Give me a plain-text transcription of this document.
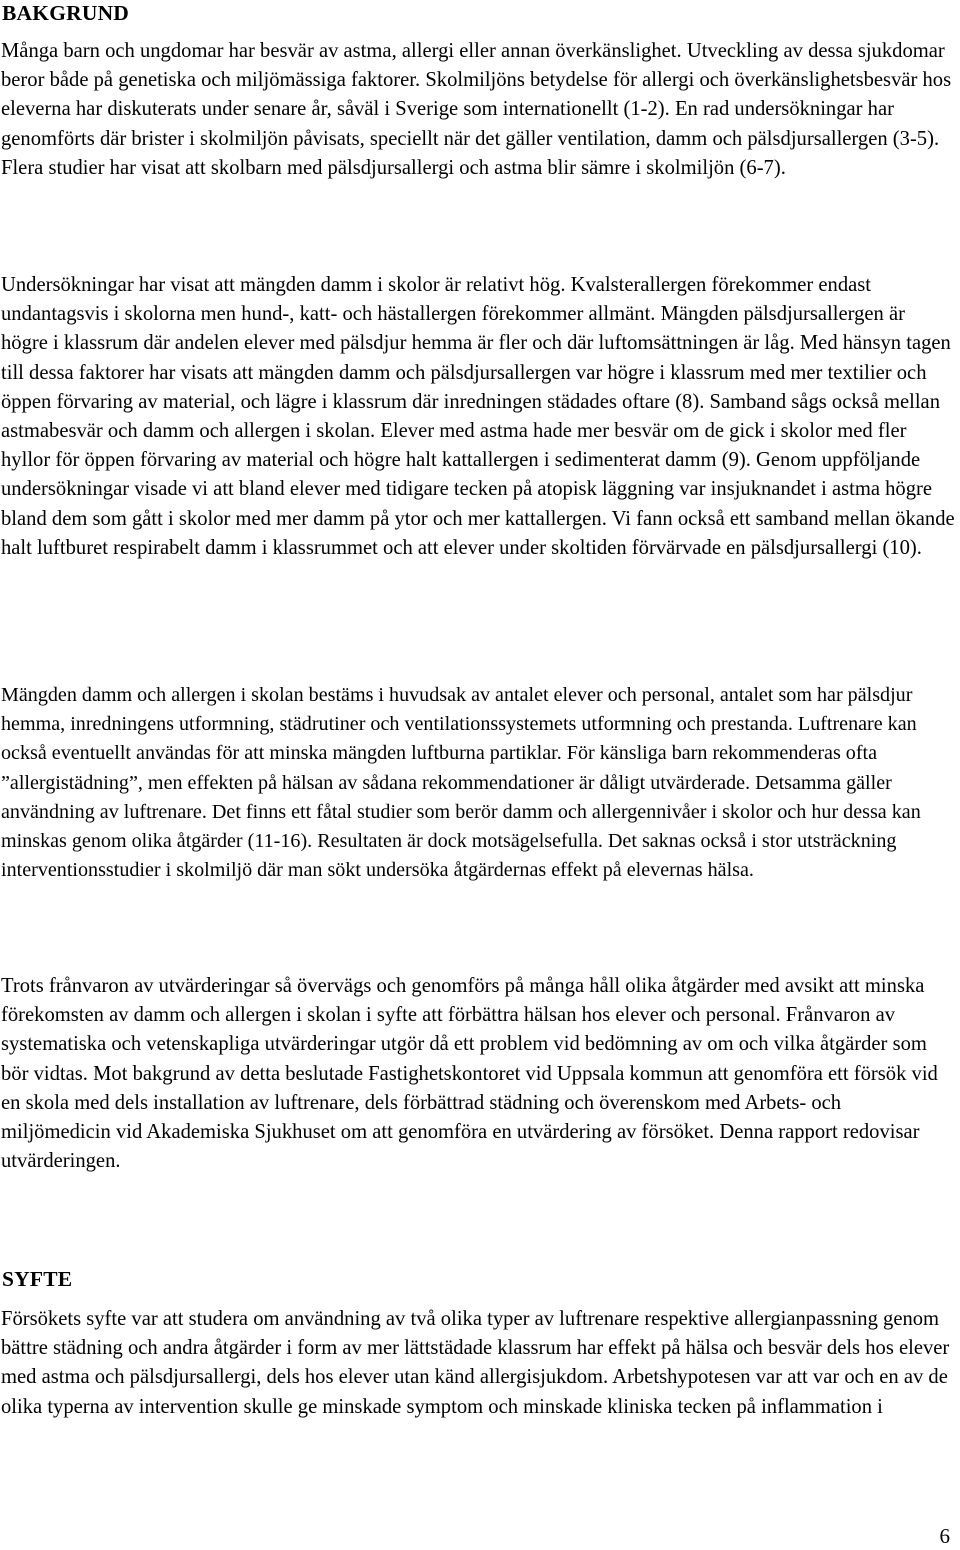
BAKGRUND

Många barn och ungdomar har besvär av astma, allergi eller annan överkänslighet. Utveckling av dessa sjukdomar beror både på genetiska och miljömässiga faktorer. Skolmiljöns betydelse för allergi och överkänslighetsbesvär hos eleverna har diskuterats under senare år, såväl i Sverige som internationellt (1-2). En rad undersökningar har genomförts där brister i skolmiljön påvisats, speciellt när det gäller ventilation, damm och pälsdjursallergen (3-5). Flera studier har visat att skolbarn med pälsdjursallergi och astma blir sämre i skolmiljön (6-7).

Undersökningar har visat att mängden damm i skolor är relativt hög. Kvalsterallergen förekommer endast undantagsvis i skolorna men hund-, katt- och hästallergen förekommer allmänt. Mängden pälsdjursallergen är högre i klassrum där andelen elever med pälsdjur hemma är fler och där luftomsättningen är låg. Med hänsyn tagen till dessa faktorer har visats att mängden damm och pälsdjursallergen var högre i klassrum med mer textilier och öppen förvaring av material, och lägre i klassrum där inredningen städades oftare (8). Samband sågs också mellan astmabesvär och damm och allergen i skolan. Elever med astma hade mer besvär om de gick i skolor med fler hyllor för öppen förvaring av material och högre halt kattallergen i sedimenterat damm (9). Genom uppföljande undersökningar visade vi att bland elever med tidigare tecken på atopisk läggning var insjuknandet i astma högre bland dem som gått i skolor med mer damm på ytor och mer kattallergen. Vi fann också ett samband mellan ökande halt luftburet respirabelt damm i klassrummet och att elever under skoltiden förvärvade en pälsdjursallergi (10).

Mängden damm och allergen i skolan bestäms i huvudsak av antalet elever och personal, antalet som har pälsdjur hemma, inredningens utformning, städrutiner och ventilationssystemets utformning och prestanda. Luftrenare kan också eventuellt användas för att minska mängden luftburna partiklar. För känsliga barn rekommenderas ofta ”allergistädning”, men effekten på hälsan av sådana rekommendationer är dåligt utvärderade. Detsamma gäller användning av luftrenare. Det finns ett fåtal studier som berör damm och allergennivåer i skolor och hur dessa kan minskas genom olika åtgärder (11-16). Resultaten är dock motsägelsefulla. Det saknas också i stor utsträckning interventionsstudier i skolmiljö där man sökt undersöka åtgärdernas effekt på elevernas hälsa.

Trots frånvaron av utvärderingar så övervägs och genomförs på många håll olika åtgärder med avsikt att minska förekomsten av damm och allergen i skolan i syfte att förbättra hälsan hos elever och personal. Frånvaron av systematiska och vetenskapliga utvärderingar utgör då ett problem vid bedömning av om och vilka åtgärder som bör vidtas. Mot bakgrund av detta beslutade Fastighetskontoret vid Uppsala kommun att genomföra ett försök vid en skola med dels installation av luftrenare, dels förbättrad städning och överenskom med Arbets- och miljömedicin vid Akademiska Sjukhuset om att genomföra en utvärdering av försöket. Denna rapport redovisar utvärderingen.

SYFTE

Försökets syfte var att studera om användning av två olika typer av luftrenare respektive allergianpassning genom bättre städning och andra åtgärder i form av mer lättstädade klassrum har effekt på hälsa och besvär dels hos elever med astma och pälsdjursallergi, dels hos elever utan känd allergisjukdom. Arbetshypotesen var att var och en av de olika typerna av intervention skulle ge minskade symptom och minskade kliniska tecken på inflammation i

6
